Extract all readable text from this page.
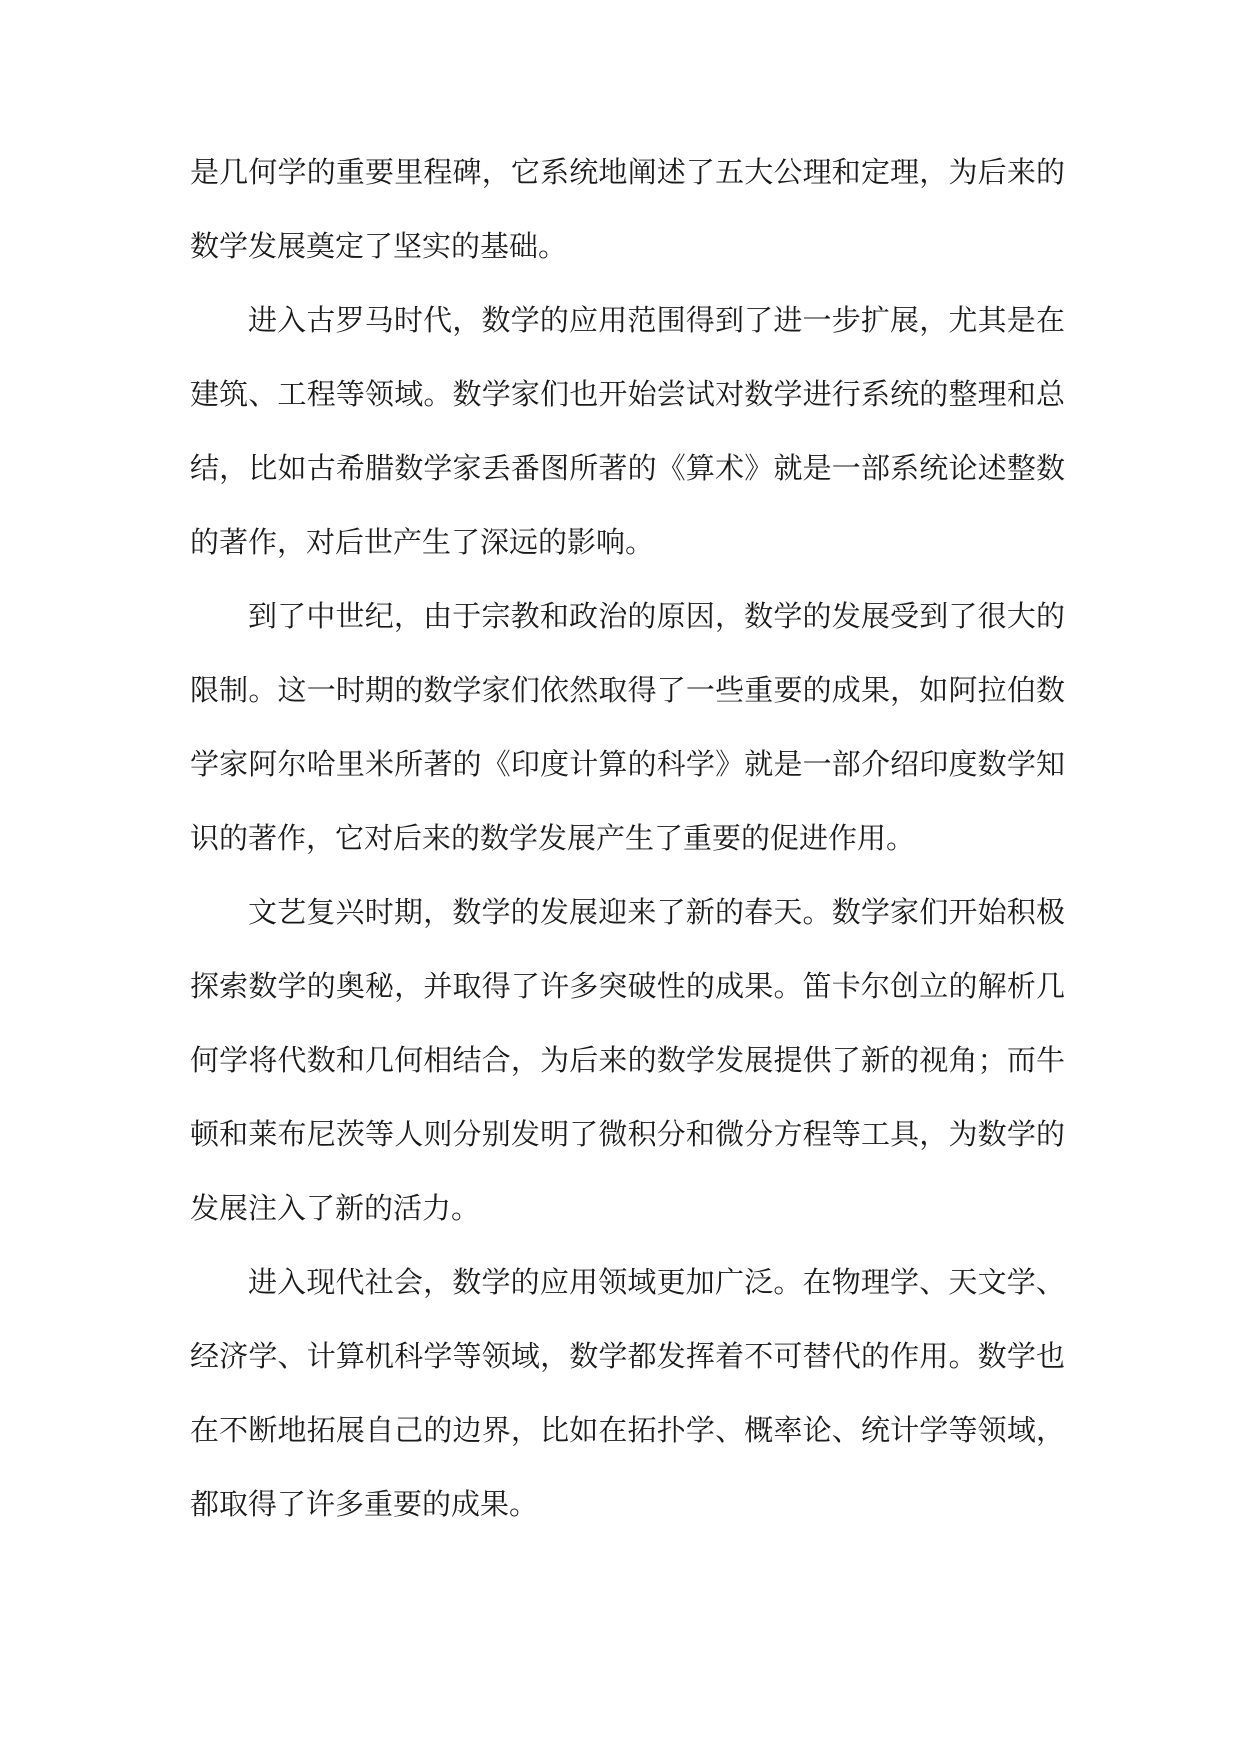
是几何学的重要里程碑，它系统地阐述了五大公理和定理，为后来的
数学发展奠定了坚实的基础。
进入古罗马时代，数学的应用范围得到了进一步扩展，尤其是在
建筑、工程等领域。数学家们也开始尝试对数学进行系统的整理和总
结，比如古希腊数学家丢番图所著的《算术》就是一部系统论述整数
的著作，对后世产生了深远的影响。
到了中世纪，由于宗教和政治的原因，数学的发展受到了很大的
限制。这一时期的数学家们依然取得了一些重要的成果，如阿拉伯数
学家阿尔哈里米所著的《印度计算的科学》就是一部介绍印度数学知
识的著作，它对后来的数学发展产生了重要的促进作用。
文艺复兴时期，数学的发展迎来了新的春天。数学家们开始积极
探索数学的奥秘，并取得了许多突破性的成果。笛卡尔创立的解析几
何学将代数和几何相结合，为后来的数学发展提供了新的视角；而牛
顿和莱布尼茨等人则分别发明了微积分和微分方程等工具，为数学的
发展注入了新的活力。
进入现代社会，数学的应用领域更加广泛。在物理学、天文学、
经济学、计算机科学等领域，数学都发挥着不可替代的作用。数学也
在不断地拓展自己的边界，比如在拓扑学、概率论、统计学等领域，
都取得了许多重要的成果。
